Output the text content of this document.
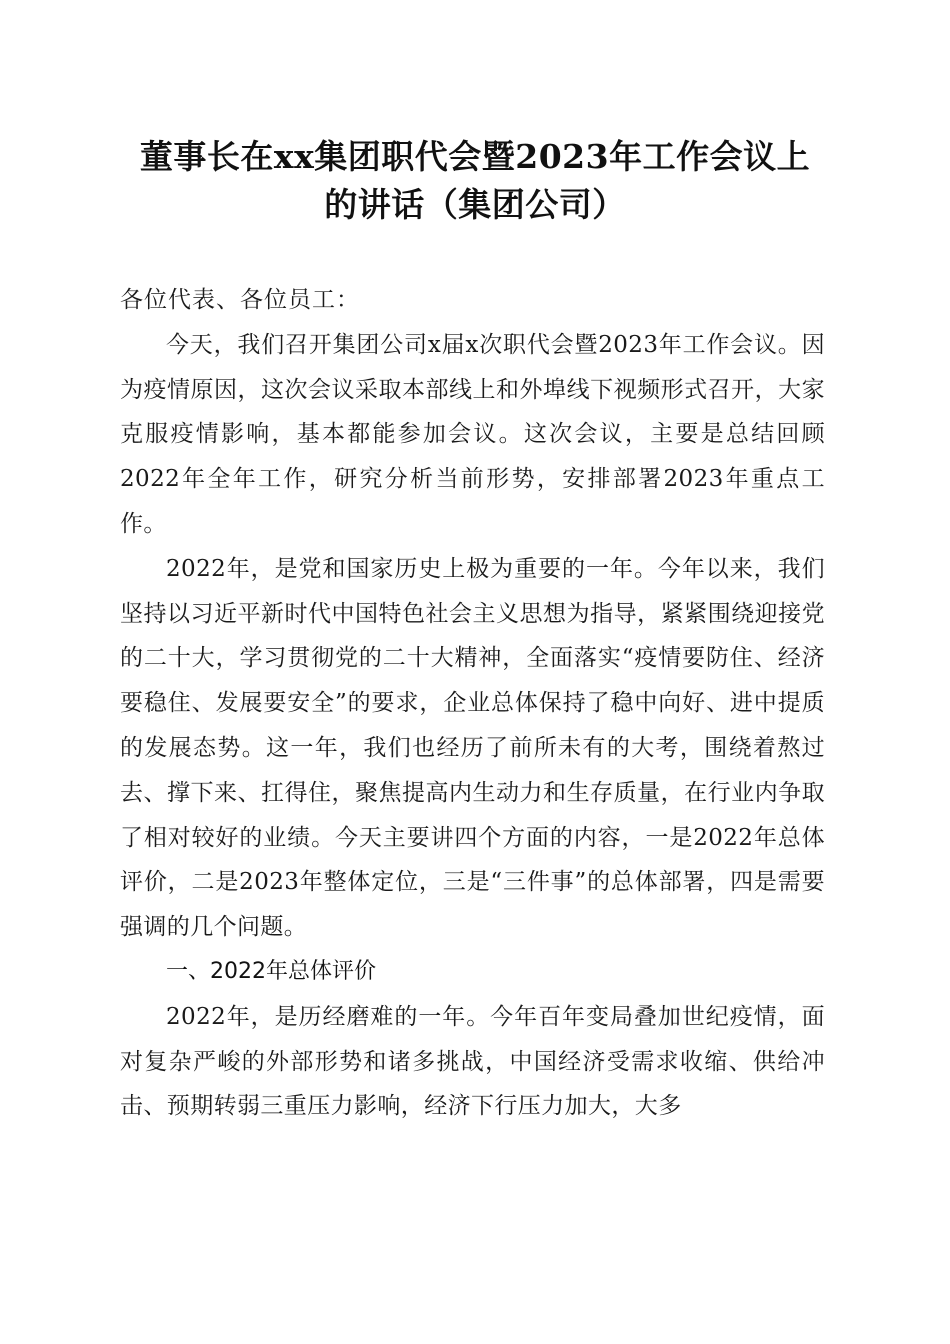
董事长在xx集团职代会暨2023年工作会议上
的讲话（集团公司）

各位代表、各位员工：

今天，我们召开集团公司x届x次职代会暨2023年工作会议。因为疫情原因，这次会议采取本部线上和外埠线下视频形式召开，大家克服疫情影响，基本都能参加会议。这次会议，主要是总结回顾2022年全年工作，研究分析当前形势，安排部署2023年重点工作。

2022年，是党和国家历史上极为重要的一年。今年以来，我们坚持以习近平新时代中国特色社会主义思想为指导，紧紧围绕迎接党的二十大，学习贯彻党的二十大精神，全面落实“疫情要防住、经济要稳住、发展要安全”的要求，企业总体保持了稳中向好、进中提质的发展态势。这一年，我们也经历了前所未有的大考，围绕着熬过去、撑下来、扛得住，聚焦提高内生动力和生存质量，在行业内争取了相对较好的业绩。今天主要讲四个方面的内容，一是2022年总体评价，二是2023年整体定位，三是“三件事”的总体部署，四是需要强调的几个问题。

一、2022年总体评价

2022年，是历经磨难的一年。今年百年变局叠加世纪疫情，面对复杂严峻的外部形势和诸多挑战，中国经济受需求收缩、供给冲击、预期转弱三重压力影响，经济下行压力加大，大多
